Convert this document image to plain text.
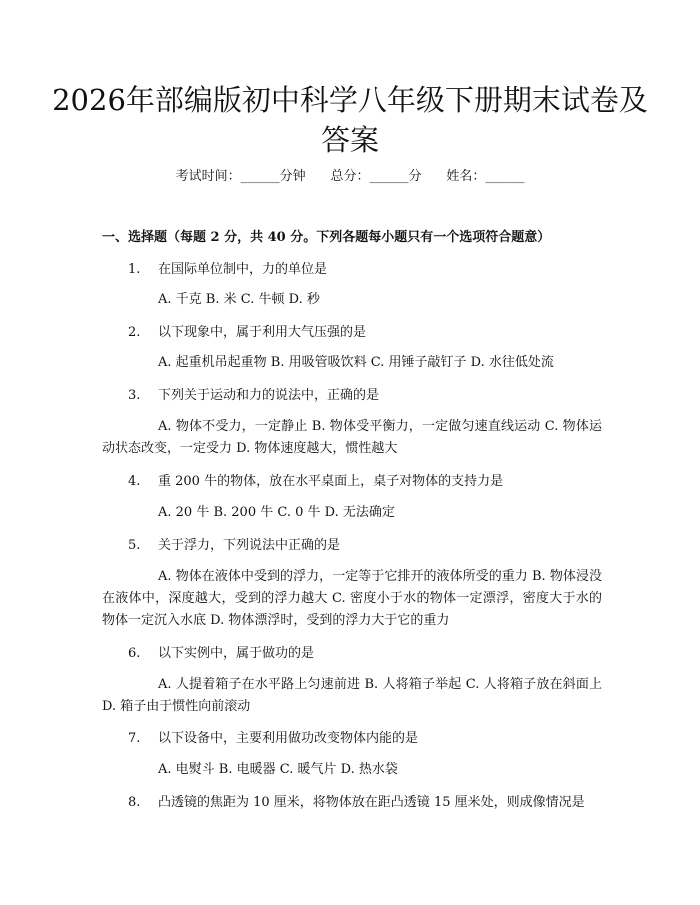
2026年部编版初中科学八年级下册期末试卷及答案
考试时间：______分钟 总分：______分 姓名：______
一、选择题（每题 2 分，共 40 分。下列各题每小题只有一个选项符合题意）
1. 在国际单位制中，力的单位是
A. 千克 B. 米 C. 牛顿 D. 秒
2. 以下现象中，属于利用大气压强的是
A. 起重机吊起重物 B. 用吸管吸饮料 C. 用锤子敲钉子 D. 水往低处流
3. 下列关于运动和力的说法中，正确的是
A. 物体不受力，一定静止 B. 物体受平衡力，一定做匀速直线运动 C. 物体运动状态改变，一定受力 D. 物体速度越大，惯性越大
4. 重 200 牛的物体，放在水平桌面上，桌子对物体的支持力是
A. 20 牛 B. 200 牛 C. 0 牛 D. 无法确定
5. 关于浮力，下列说法中正确的是
A. 物体在液体中受到的浮力，一定等于它排开的液体所受的重力 B. 物体浸没在液体中，深度越大，受到的浮力越大 C. 密度小于水的物体一定漂浮，密度大于水的物体一定沉入水底 D. 物体漂浮时，受到的浮力大于它的重力
6. 以下实例中，属于做功的是
A. 人提着箱子在水平路上匀速前进 B. 人将箱子举起 C. 人将箱子放在斜面上 D. 箱子由于惯性向前滚动
7. 以下设备中，主要利用做功改变物体内能的是
A. 电熨斗 B. 电暖器 C. 暖气片 D. 热水袋
8. 凸透镜的焦距为 10 厘米，将物体放在距凸透镜 15 厘米处，则成像情况是
